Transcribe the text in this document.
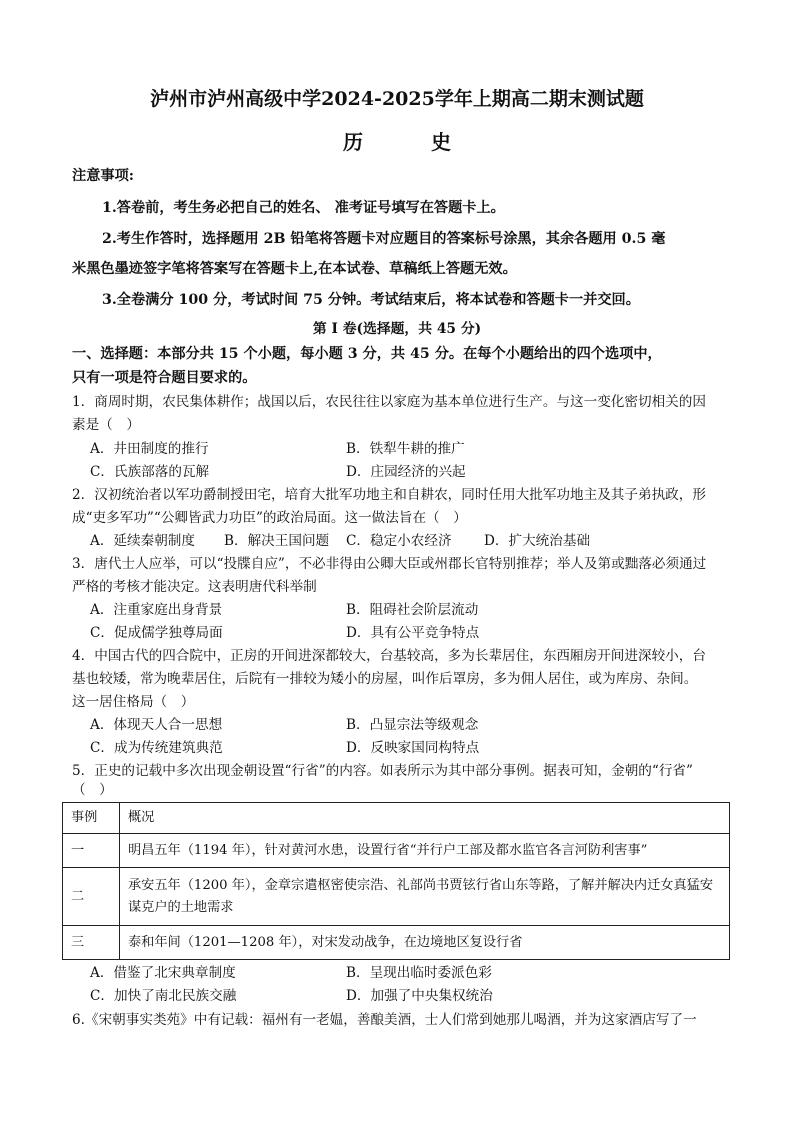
泸州市泸州高级中学2024-2025学年上期高二期末测试题
历　史
注意事项:
1.答卷前，考生务必把自己的姓名、 准考证号填写在答题卡上。
2.考生作答时，选择题用 2B 铅笔将答题卡对应题目的答案标号涂黑，其余各题用 0.5 毫
米黑色墨迹签字笔将答案写在答题卡上,在本试卷、草稿纸上答题无效。
3.全卷满分 100 分，考试时间 75 分钟。考试结束后，将本试卷和答题卡一并交回。
第 I 卷(选择题，共 45 分)
一、选择题：本部分共 15 个小题，每小题 3 分，共 45 分。在每个小题给出的四个选项中，
只有一项是符合题目要求的。
1．商周时期，农民集体耕作；战国以后，农民往往以家庭为基本单位进行生产。与这一变化密切相关的因
素是（　）
A．井田制度的推行	B．铁犁牛耕的推广
C．氏族部落的瓦解	D．庄园经济的兴起
2．汉初统治者以军功爵制授田宅，培育大批军功地主和自耕农，同时任用大批军功地主及其子弟执政，形
成“吏多军功”“公卿皆武力功臣”的政治局面。这一做法旨在（　）
A．延续秦朝制度 B．解决王国问题 C．稳定小农经济 D．扩大统治基础
3．唐代士人应举，可以“投牒自应”，不必非得由公卿大臣或州郡长官特别推荐；举人及第或黜落必须通过
严格的考核才能决定。这表明唐代科举制
A．注重家庭出身背景	B．阻碍社会阶层流动
C．促成儒学独尊局面	D．具有公平竞争特点
4．中国古代的四合院中，正房的开间进深都较大，台基较高，多为长辈居住，东西厢房开间进深较小，台
基也较矮，常为晚辈居住，后院有一排较为矮小的房屋，叫作后罩房，多为佣人居住，或为库房、杂间。
这一居住格局（　）
A．体现天人合一思想	B．凸显宗法等级观念
C．成为传统建筑典范	D．反映家国同构特点
5．正史的记载中多次出现金朝设置“行省”的内容。如表所示为其中部分事例。据表可知，金朝的“行省”
（　）
事例	概况
一	明昌五年（1194 年），针对黄河水患，设置行省“并行户工部及都水监官各言河防利害事”
二	承安五年（1200 年），金章宗遣枢密使宗浩、礼部尚书贾铉行省山东等路，了解并解决内迁女真猛安谋克户的土地需求
三	泰和年间（1201—1208 年），对宋发动战争，在边境地区复设行省
A．借鉴了北宋典章制度	B．呈现出临时委派色彩
C．加快了南北民族交融	D．加强了中央集权统治
6.《宋朝事实类苑》中有记载：福州有一老媪，善酿美酒，士人们常到她那儿喝酒，并为这家酒店写了一
